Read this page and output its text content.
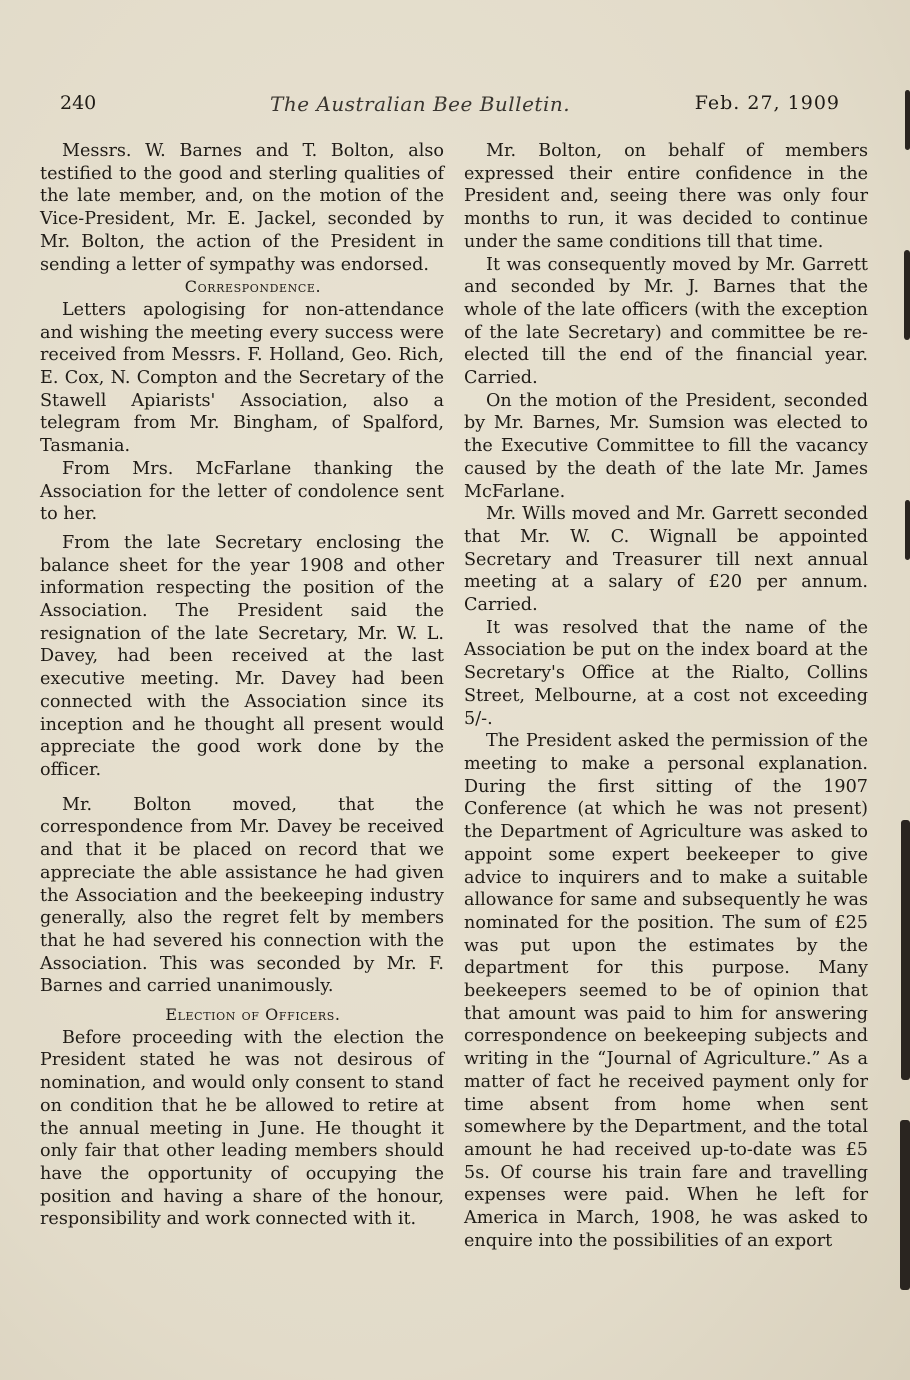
240	The Australian Bee Bulletin.	Feb. 27, 1909

Messrs. W. Barnes and T. Bolton, also testified to the good and sterling qualities of the late member, and, on the motion of the Vice-President, Mr. E. Jackel, seconded by Mr. Bolton, the action of the President in sending a letter of sympathy was endorsed.

Correspondence.

Letters apologising for non-attendance and wishing the meeting every success were received from Messrs. F. Holland, Geo. Rich, E. Cox, N. Compton and the Secretary of the Stawell Apiarists' Association, also a telegram from Mr. Bingham, of Spalford, Tasmania.

From Mrs. McFarlane thanking the Association for the letter of condolence sent to her.

From the late Secretary enclosing the balance sheet for the year 1908 and other information respecting the position of the Association. The President said the resignation of the late Secretary, Mr. W. L. Davey, had been received at the last executive meeting. Mr. Davey had been connected with the Association since its inception and he thought all present would appreciate the good work done by the officer.

Mr. Bolton moved, that the correspondence from Mr. Davey be received and that it be placed on record that we appreciate the able assistance he had given the Association and the beekeeping industry generally, also the regret felt by members that he had severed his connection with the Association. This was seconded by Mr. F. Barnes and carried unanimously.

Election of Officers.

Before proceeding with the election the President stated he was not desirous of nomination, and would only consent to stand on condition that he be allowed to retire at the annual meeting in June. He thought it only fair that other leading members should have the opportunity of occupying the position and having a share of the honour, responsibility and work connected with it.

Mr. Bolton, on behalf of members expressed their entire confidence in the President and, seeing there was only four months to run, it was decided to continue under the same conditions till that time.

It was consequently moved by Mr. Garrett and seconded by Mr. J. Barnes that the whole of the late officers (with the exception of the late Secretary) and committee be re-elected till the end of the financial year. Carried.

On the motion of the President, seconded by Mr. Barnes, Mr. Sumsion was elected to the Executive Committee to fill the vacancy caused by the death of the late Mr. James McFarlane.

Mr. Wills moved and Mr. Garrett seconded that Mr. W. C. Wignall be appointed Secretary and Treasurer till next annual meeting at a salary of £20 per annum. Carried.

It was resolved that the name of the Association be put on the index board at the Secretary's Office at the Rialto, Collins Street, Melbourne, at a cost not exceeding 5/-.

The President asked the permission of the meeting to make a personal explanation. During the first sitting of the 1907 Conference (at which he was not present) the Department of Agriculture was asked to appoint some expert beekeeper to give advice to inquirers and to make a suitable allowance for same and subsequently he was nominated for the position. The sum of £25 was put upon the estimates by the department for this purpose. Many beekeepers seemed to be of opinion that that amount was paid to him for answering correspondence on beekeeping subjects and writing in the “Journal of Agriculture.” As a matter of fact he received payment only for time absent from home when sent somewhere by the Department, and the total amount he had received up-to-date was £5 5s. Of course his train fare and travelling expenses were paid. When he left for America in March, 1908, he was asked to enquire into the possibilities of an export
